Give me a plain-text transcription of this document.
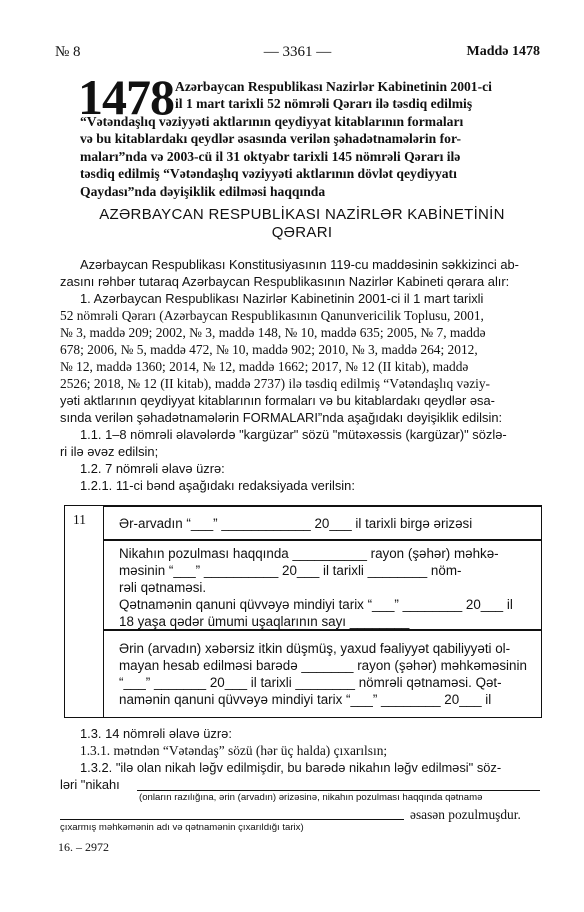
№ 8	— 3361 —	Maddə 1478
1478 Azərbaycan Respublikası Nazirlər Kabinetinin 2001-ci
il 1 mart tarixli 52 nömrəli Qərarı ilə təsdiq edilmiş
“Vətəndaşlıq vəziyyəti aktlarının qeydiyyat kitablarının formaları
və bu kitablardakı qeydlər əsasında verilən şəhadətnamələrin for-
maları”nda və 2003-cü il 31 oktyabr tarixli 145 nömrəli Qərarı ilə
təsdiq edilmiş “Vətəndaşlıq vəziyyəti aktlarının dövlət qeydiyyatı
Qaydası”nda dəyişiklik edilməsi haqqında
AZƏRBAYCAN RESPUBLİKASI NAZİRLƏR KABİNETİNİN
QƏRARI
Azərbaycan Respublikası Konstitusiyasının 119-cu maddəsinin səkkizinci ab-
zasını rəhbər tutaraq Azərbaycan Respublikasının Nazirlər Kabineti qərara alır:
1. Azərbaycan Respublikası Nazirlər Kabinetinin 2001-ci il 1 mart tarixli
52 nömrəli Qərarı (Azərbaycan Respublikasının Qanunvericilik Toplusu, 2001,
№ 3, maddə 209; 2002, № 3, maddə 148, № 10, maddə 635; 2005, № 7, maddə
678; 2006, № 5, maddə 472, № 10, maddə 902; 2010, № 3, maddə 264; 2012,
№ 12, maddə 1360; 2014, № 12, maddə 1662; 2017, № 12 (II kitab), maddə
2526; 2018, № 12 (II kitab), maddə 2737) ilə təsdiq edilmiş “Vətəndaşlıq vəziy-
yəti aktlarının qeydiyyat kitablarının formaları və bu kitablardakı qeydlər əsa-
sında verilən şəhadətnamələrin FORMALARI”nda aşağıdakı dəyişiklik edilsin:
1.1. 1–8 nömrəli əlavələrdə "kargüzar" sözü "mütəxəssis (kargüzar)" sözlə-
ri ilə əvəz edilsin;
1.2. 7 nömrəli əlavə üzrə:
1.2.1. 11-ci bənd aşağıdakı redaksiyada verilsin:
11 Ər-arvadın “___” ____________ 20___ il tarixli birgə ərizəsi
Nikahın pozulması haqqında __________ rayon (şəhər) məhkə-
məsinin “___” __________ 20___ il tarixli ________ nöm-
rəli qətnaməsi.
Qətnamənin qanuni qüvvəyə mindiyi tarix “___” ________ 20___ il
18 yaşa qədər ümumi uşaqlarının sayı ________
Ərin (arvadın) xəbərsiz itkin düşmüş, yaxud fəaliyyət qabiliyyəti ol-
mayan hesab edilməsi barədə _______ rayon (şəhər) məhkəməsinin
“___” _______ 20___ il tarixli ________ nömrəli qətnaməsi. Qət-
namənin qanuni qüvvəyə mindiyi tarix “___” ________ 20___ il
1.3. 14 nömrəli əlavə üzrə:
1.3.1. mətndən “Vətəndaş” sözü (hər üç halda) çıxarılsın;
1.3.2. "ilə olan nikah ləğv edilmişdir, bu barədə nikahın ləğv edilməsi" söz-
ləri "nikahı
(onların razılığına, ərin (arvadın) ərizəsinə, nikahın pozulması haqqında qətnamə
əsasən pozulmuşdur.
çıxarmış məhkəmənin adı və qətnamənin çıxarıldığı tarix)
16. – 2972
